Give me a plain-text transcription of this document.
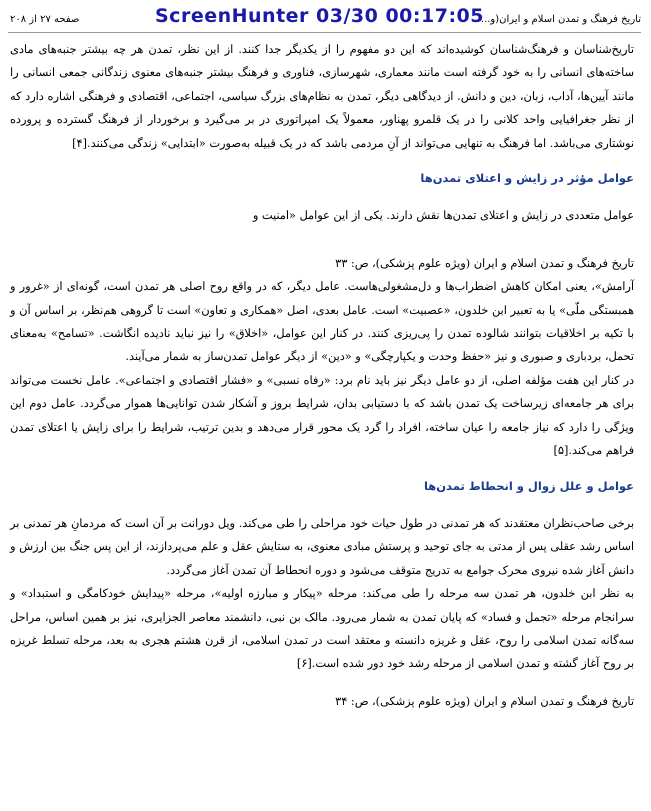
صفحه ۲۷ از ۲۰۸	ScreenHunter 03/30 00:17:05
تاریخ فرهنگ و تمدن اسلام و ایران(و...

تاریخ‌شناسان و فرهنگ‌شناسان کوشیده‌اند که این دو مفهوم را از یکدیگر جدا کنند. از این نظر، تمدن هر چه بیشتر جنبه‌های مادی ساخته‌های انسانی را به خود گرفته است مانند معماری، شهرسازی، فناوری و فرهنگ بیشتر جنبه‌های معنوی زندگانی جمعی انسانی را مانند آیین‌ها، آداب، زبان، دین و دانش. از دیدگاهی دیگر، تمدن به نظام‌های بزرگ سیاسی، اجتماعی، اقتصادی و فرهنگی اشاره دارد که از نظر جغرافیایی واحد کلانی را در یک قلمرو پهناور، معمولاً یک امپراتوری در بر می‌گیرد و برخوردار از فرهنگ گسترده و پرورده نوشتاری می‌باشد. اما فرهنگ به تنهایی می‌تواند از آنِ مردمی باشد که در یک قبیله به‌صورت «ابتدایی» زندگی می‌کنند.[۴]

عوامل مؤثر در زایش و اعتلای تمدن‌ها

عوامل متعددی در زایش و اعتلای تمدن‌ها نقش دارند. یکی از این عوامل «امنیت و

تاریخ فرهنگ و تمدن اسلام و ایران (ویژه علوم پزشکی)، ص: ۳۳

آرامش»، یعنی امکان کاهش اضطراب‌ها و دل‌مشغولی‌هاست. عامل دیگر، که در واقع روح اصلی هر تمدن است، گونه‌ای از «غرور و همبستگی ملّی» یا به تعبیر ابن خلدون، «عصبیت» است. عامل بعدی، اصل «همکاری و تعاون» است تا گروهی هم‌نظر، بر اساس آن و با تکیه بر اخلاقیات بتوانند شالوده تمدن را پی‌ریزی کنند. در کنار این عوامل، «اخلاق» را نیز نباید نادیده انگاشت. «تسامح» به‌معنای تحمل، بردباری و صبوری و نیز «حفظ وحدت و یکپارچگی» و «دین» از دیگر عوامل تمدن‌ساز به شمار می‌آیند.

در کنار این هفت مؤلفه اصلی، از دو عامل دیگر نیز باید نام برد: «رفاه نسبی» و «فشار اقتصادی و اجتماعی». عامل نخست می‌تواند برای هر جامعه‌ای زیرساخت یک تمدن باشد که با دستیابی بدان، شرایط بروز و آشکار شدن توانایی‌ها هموار می‌گردد. عامل دوم این ویژگی را دارد که نیاز جامعه را عیان ساخته، افراد را گرد یک محور قرار می‌دهد و بدین ترتیب، شرایط را برای زایش یا اعتلای تمدن فراهم می‌کند.[۵]

عوامل و علل زوال و انحطاط تمدن‌ها

برخی صاحب‌نظران معتقدند که هر تمدنی در طول حیات خود مراحلی را طی می‌کند. ویل دورانت بر آن است که مردمانِ هر تمدنی بر اساس رشد عقلی پس از مدتی به جای توحید و پرستش مبادی معنوی، به ستایش عقل و علم می‌پردازند، از این پس جنگ بین ارزش و دانش آغاز شده نیروی محرک جوامع به تدریج متوقف می‌شود و دوره انحطاط آن تمدن آغاز می‌گردد.

به نظر ابن خلدون، هر تمدن سه مرحله را طی می‌کند: مرحله «پیکار و مبارزه اولیه»، مرحله «پیدایش خودکامگی و استبداد» و سرانجام مرحله «تجمل و فساد» که پایان تمدن به شمار می‌رود. مالک بن نبی، دانشمند معاصر الجزایری، نیز بر همین اساس، مراحل سه‌گانه تمدن اسلامی را روح، عقل و غریزه دانسته و معتقد است در تمدن اسلامی، از قرن هشتم هجری به بعد، مرحله تسلط غریزه بر روح آغاز گشته و تمدن اسلامی از مرحله رشد خود دور شده است.[۶]

تاریخ فرهنگ و تمدن اسلام و ایران (ویژه علوم پزشکی)، ص: ۳۴
